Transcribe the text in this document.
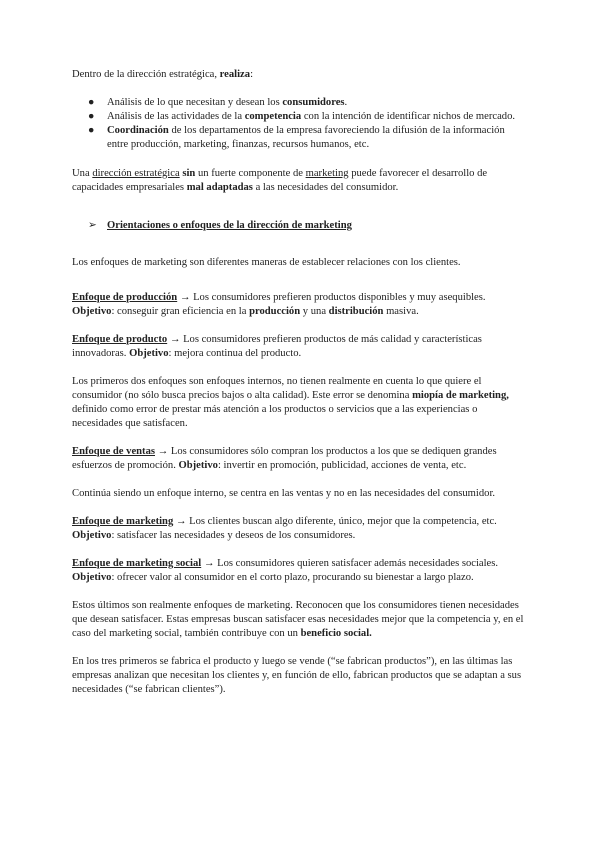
Dentro de la dirección estratégica, realiza:

● Análisis de lo que necesitan y desean los consumidores.
● Análisis de las actividades de la competencia con la intención de identificar nichos de mercado.
● Coordinación de los departamentos de la empresa favoreciendo la difusión de la información entre producción, marketing, finanzas, recursos humanos, etc.

Una dirección estratégica sin un fuerte componente de marketing puede favorecer el desarrollo de capacidades empresariales mal adaptadas a las necesidades del consumidor.

➢ Orientaciones o enfoques de la dirección de marketing

Los enfoques de marketing son diferentes maneras de establecer relaciones con los clientes.

Enfoque de producción → Los consumidores prefieren productos disponibles y muy asequibles. Objetivo: conseguir gran eficiencia en la producción y una distribución masiva.

Enfoque de producto → Los consumidores prefieren productos de más calidad y características innovadoras. Objetivo: mejora continua del producto.

Los primeros dos enfoques son enfoques internos, no tienen realmente en cuenta lo que quiere el consumidor (no sólo busca precios bajos o alta calidad). Este error se denomina miopía de marketing, definido como error de prestar más atención a los productos o servicios que a las experiencias o necesidades que satisfacen.

Enfoque de ventas → Los consumidores sólo compran los productos a los que se dediquen grandes esfuerzos de promoción. Objetivo: invertir en promoción, publicidad, acciones de venta, etc.

Continúa siendo un enfoque interno, se centra en las ventas y no en las necesidades del consumidor.

Enfoque de marketing → Los clientes buscan algo diferente, único, mejor que la competencia, etc. Objetivo: satisfacer las necesidades y deseos de los consumidores.

Enfoque de marketing social → Los consumidores quieren satisfacer además necesidades sociales. Objetivo: ofrecer valor al consumidor en el corto plazo, procurando su bienestar a largo plazo.

Estos últimos son realmente enfoques de marketing. Reconocen que los consumidores tienen necesidades que desean satisfacer. Estas empresas buscan satisfacer esas necesidades mejor que la competencia y, en el caso del marketing social, también contribuye con un beneficio social.

En los tres primeros se fabrica el producto y luego se vende (“se fabrican productos”), en las últimas las empresas analizan que necesitan los clientes y, en función de ello, fabrican productos que se adaptan a sus necesidades (“se fabrican clientes”).
